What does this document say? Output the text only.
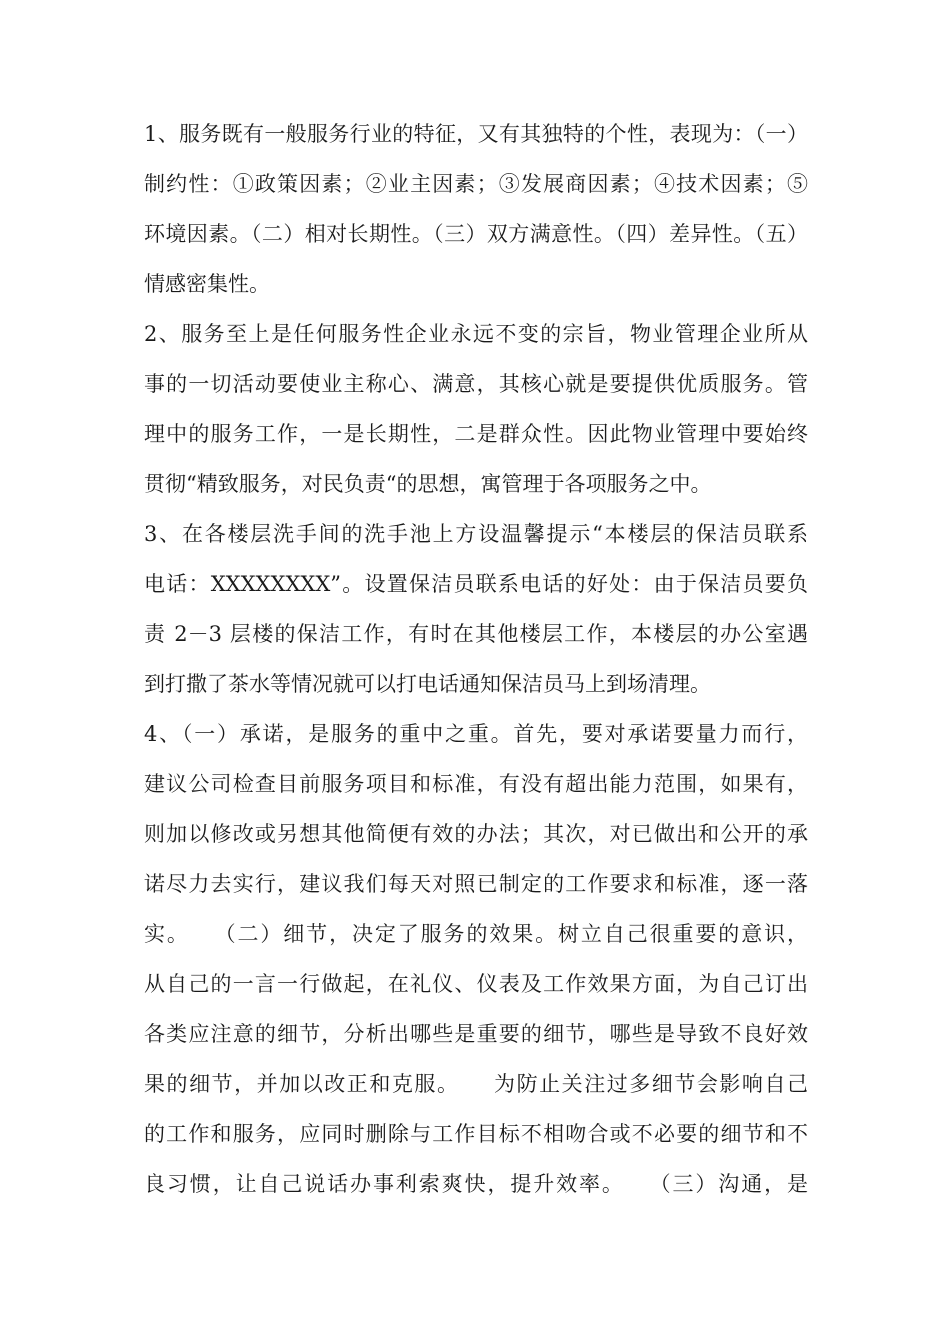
1、服务既有一般服务行业的特征，又有其独特的个性，表现为：（一）
制约性：①政策因素；②业主因素；③发展商因素；④技术因素；⑤
环境因素。（二）相对长期性。（三）双方满意性。（四）差异性。（五）
情感密集性。
2、服务至上是任何服务性企业永远不变的宗旨，物业管理企业所从
事的一切活动要使业主称心、满意，其核心就是要提供优质服务。管
理中的服务工作，一是长期性，二是群众性。因此物业管理中要始终
贯彻“精致服务，对民负责“的思想，寓管理于各项服务之中。
3、在各楼层洗手间的洗手池上方设温馨提示“本楼层的保洁员联系
电话：XXXXXXXX”。设置保洁员联系电话的好处：由于保洁员要负
责 2－3 层楼的保洁工作，有时在其他楼层工作，本楼层的办公室遇
到打撒了茶水等情况就可以打电话通知保洁员马上到场清理。
4、（一）承诺，是服务的重中之重。首先，要对承诺要量力而行，
建议公司检查目前服务项目和标准，有没有超出能力范围，如果有，
则加以修改或另想其他简便有效的办法；其次，对已做出和公开的承
诺尽力去实行，建议我们每天对照已制定的工作要求和标准，逐一落
实。　　（二）细节，决定了服务的效果。树立自己很重要的意识，
从自己的一言一行做起，在礼仪、仪表及工作效果方面，为自己订出
各类应注意的细节，分析出哪些是重要的细节，哪些是导致不良好效
果的细节，并加以改正和克服。　　为防止关注过多细节会影响自己
的工作和服务，应同时删除与工作目标不相吻合或不必要的细节和不
良习惯，让自己说话办事利索爽快，提升效率。　　（三）沟通，是
